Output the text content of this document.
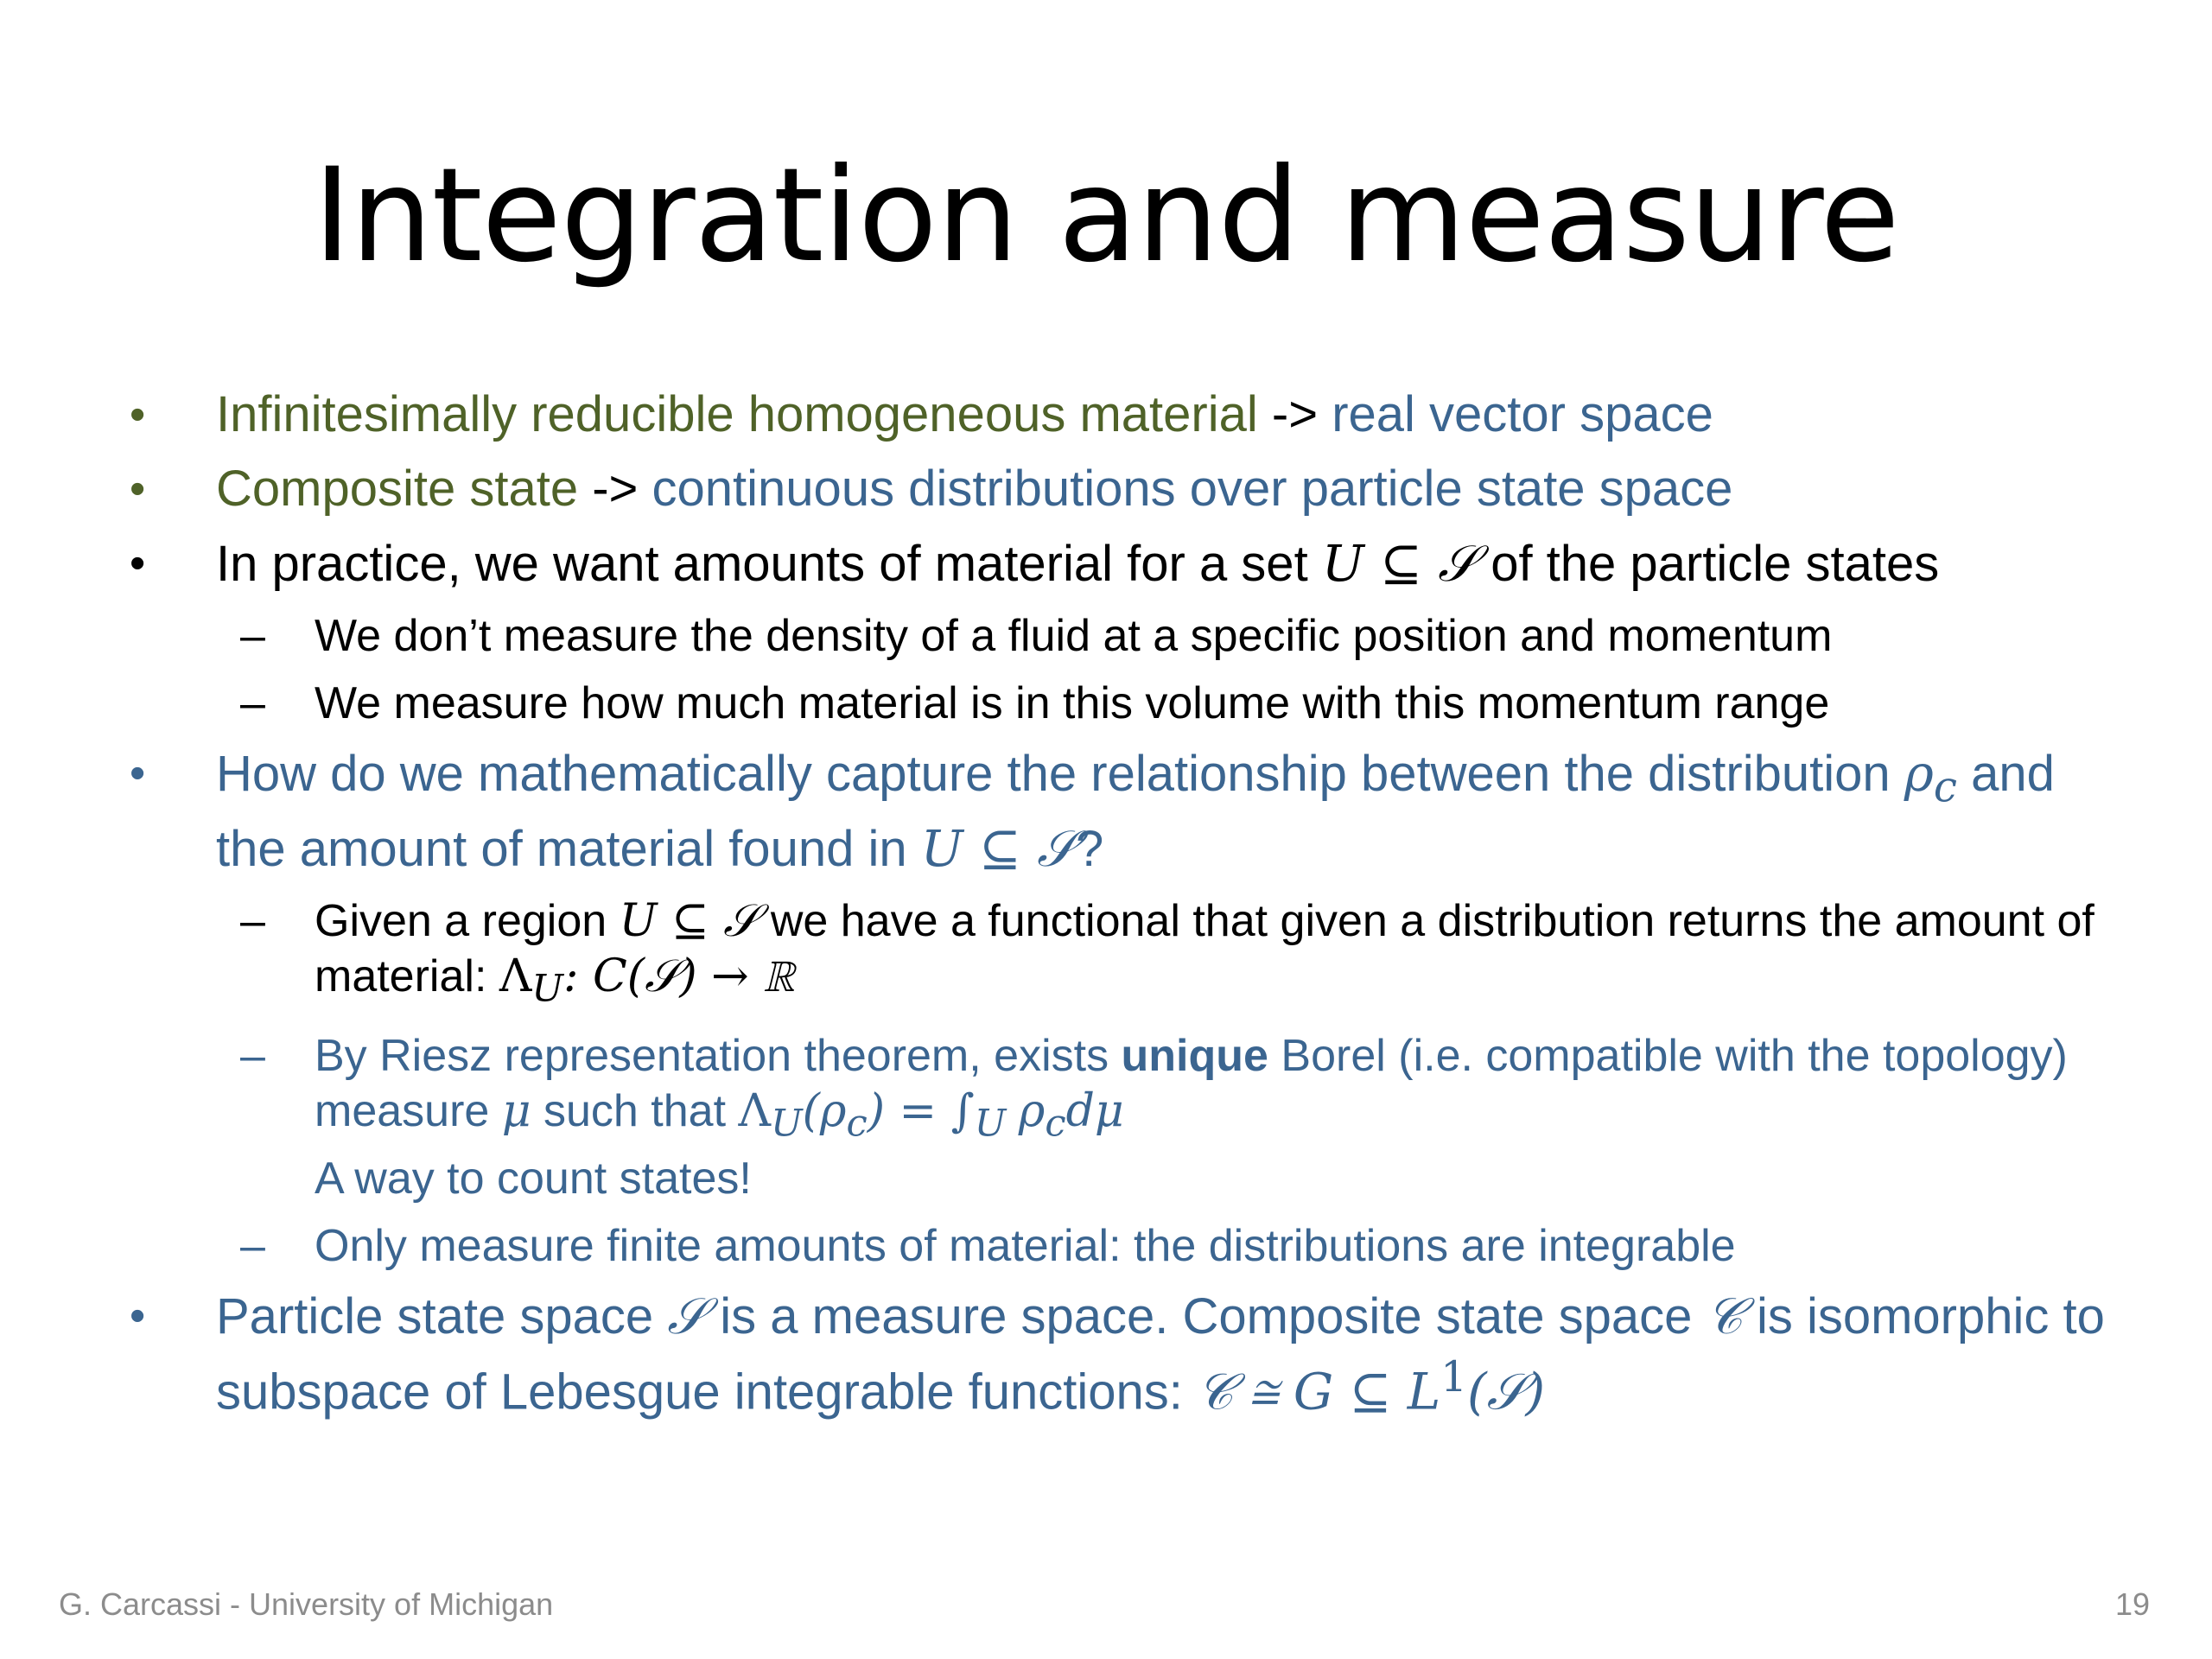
Integration and measure
•	Infinitesimally reducible homogeneous material -> real vector space
•	Composite state -> continuous distributions over particle state space
•	In practice, we want amounts of material for a set U ⊆ 𝒮 of the particle states
–	We don’t measure the density of a fluid at a specific position and momentum
–	We measure how much material is in this volume with this momentum range
•	How do we mathematically capture the relationship between the distribution $\rho_c$ and the amount of material found in U ⊆ 𝒮?
–	Given a region U ⊆ 𝒮 we have a functional that given a distribution returns the amount of material: $\Lambda_U$: C(𝒮) → ℝ
–	By Riesz representation theorem, exists unique Borel (i.e. compatible with the topology) measure μ such that $\Lambda_U(\rho_c) = \int_U$ $\rho_cd\mu$
A way to count states!
–	Only measure finite amounts of material: the distributions are integrable
•	Particle state space 𝒮 is a measure space. Composite state space 𝒞 is isomorphic to subspace of Lebesgue integrable functions: 𝒞 ≅ G ⊆ $L^1(𝒮)$
G. Carcassi - University of Michigan	19
